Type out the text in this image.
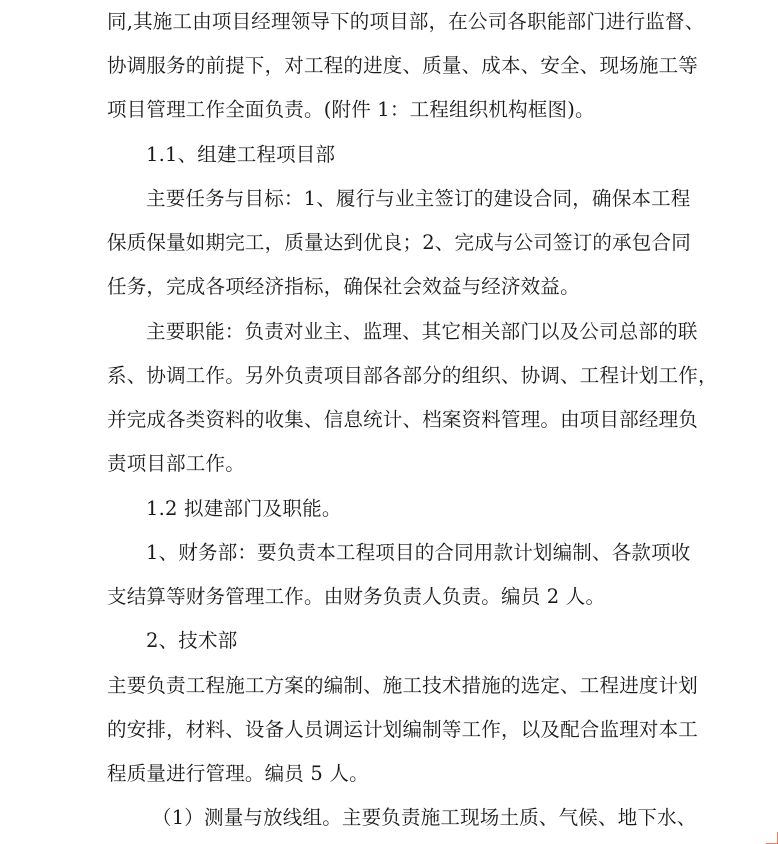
同,其施工由项目经理领导下的项目部，在公司各职能部门进行监督、
协调服务的前提下，对工程的进度、质量、成本、安全、现场施工等
项目管理工作全面负责。(附件 1：工程组织机构框图)。
1.1、组建工程项目部
主要任务与目标：1、履行与业主签订的建设合同，确保本工程
保质保量如期完工，质量达到优良；2、完成与公司签订的承包合同
任务，完成各项经济指标，确保社会效益与经济效益。
主要职能：负责对业主、监理、其它相关部门以及公司总部的联
系、协调工作。另外负责项目部各部分的组织、协调、工程计划工作，
并完成各类资料的收集、信息统计、档案资料管理。由项目部经理负
责项目部工作。
1.2 拟建部门及职能。
1、财务部：要负责本工程项目的合同用款计划编制、各款项收
支结算等财务管理工作。由财务负责人负责。编员 2 人。
2、技术部
主要负责工程施工方案的编制、施工技术措施的选定、工程进度计划
的安排，材料、设备人员调运计划编制等工作，以及配合监理对本工
程质量进行管理。编员 5 人。
（1）测量与放线组。主要负责施工现场土质、气候、地下水、
